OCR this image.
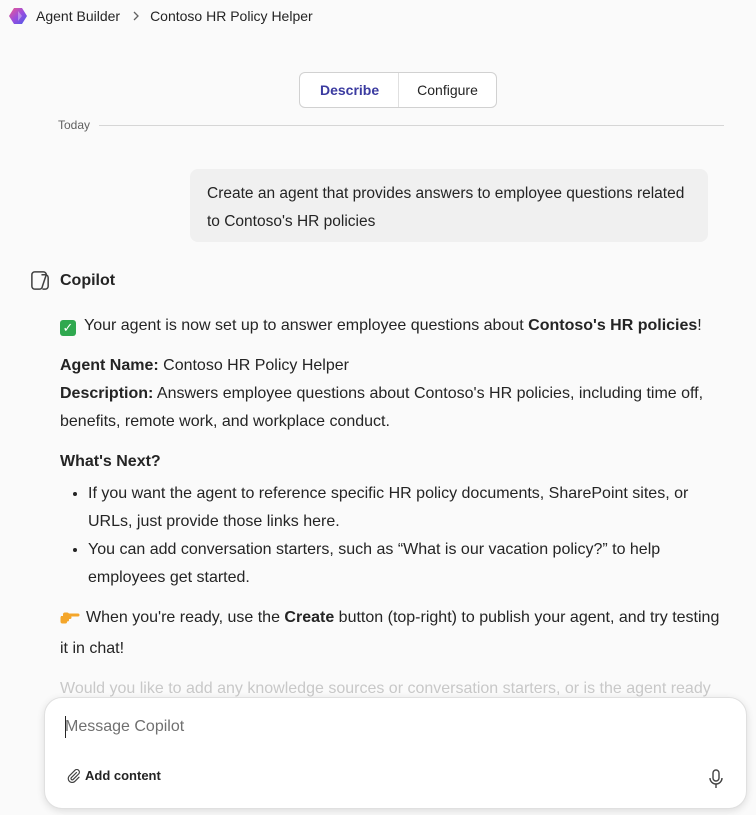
Agent Builder Contoso HR Policy Helper
Describe	Configure
Today
Create an agent that provides answers to employee questions related to Contoso's HR policies
Copilot

✓ Your agent is now set up to answer employee questions about Contoso's HR policies!

Agent Name: Contoso HR Policy Helper

Description: Answers employee questions about Contoso's HR policies, including time off, benefits, remote work, and workplace conduct.

What's Next?

• If you want the agent to reference specific HR policy documents, SharePoint sites, or URLs, just provide those links here.
• You can add conversation starters, such as “What is our vacation policy?” to help employees get started.

When you're ready, use the Create button (top-right) to publish your agent, and try testing it in chat!

Would you like to add any knowledge sources or conversation starters, or is the agent ready

Message Copilot
Add content
